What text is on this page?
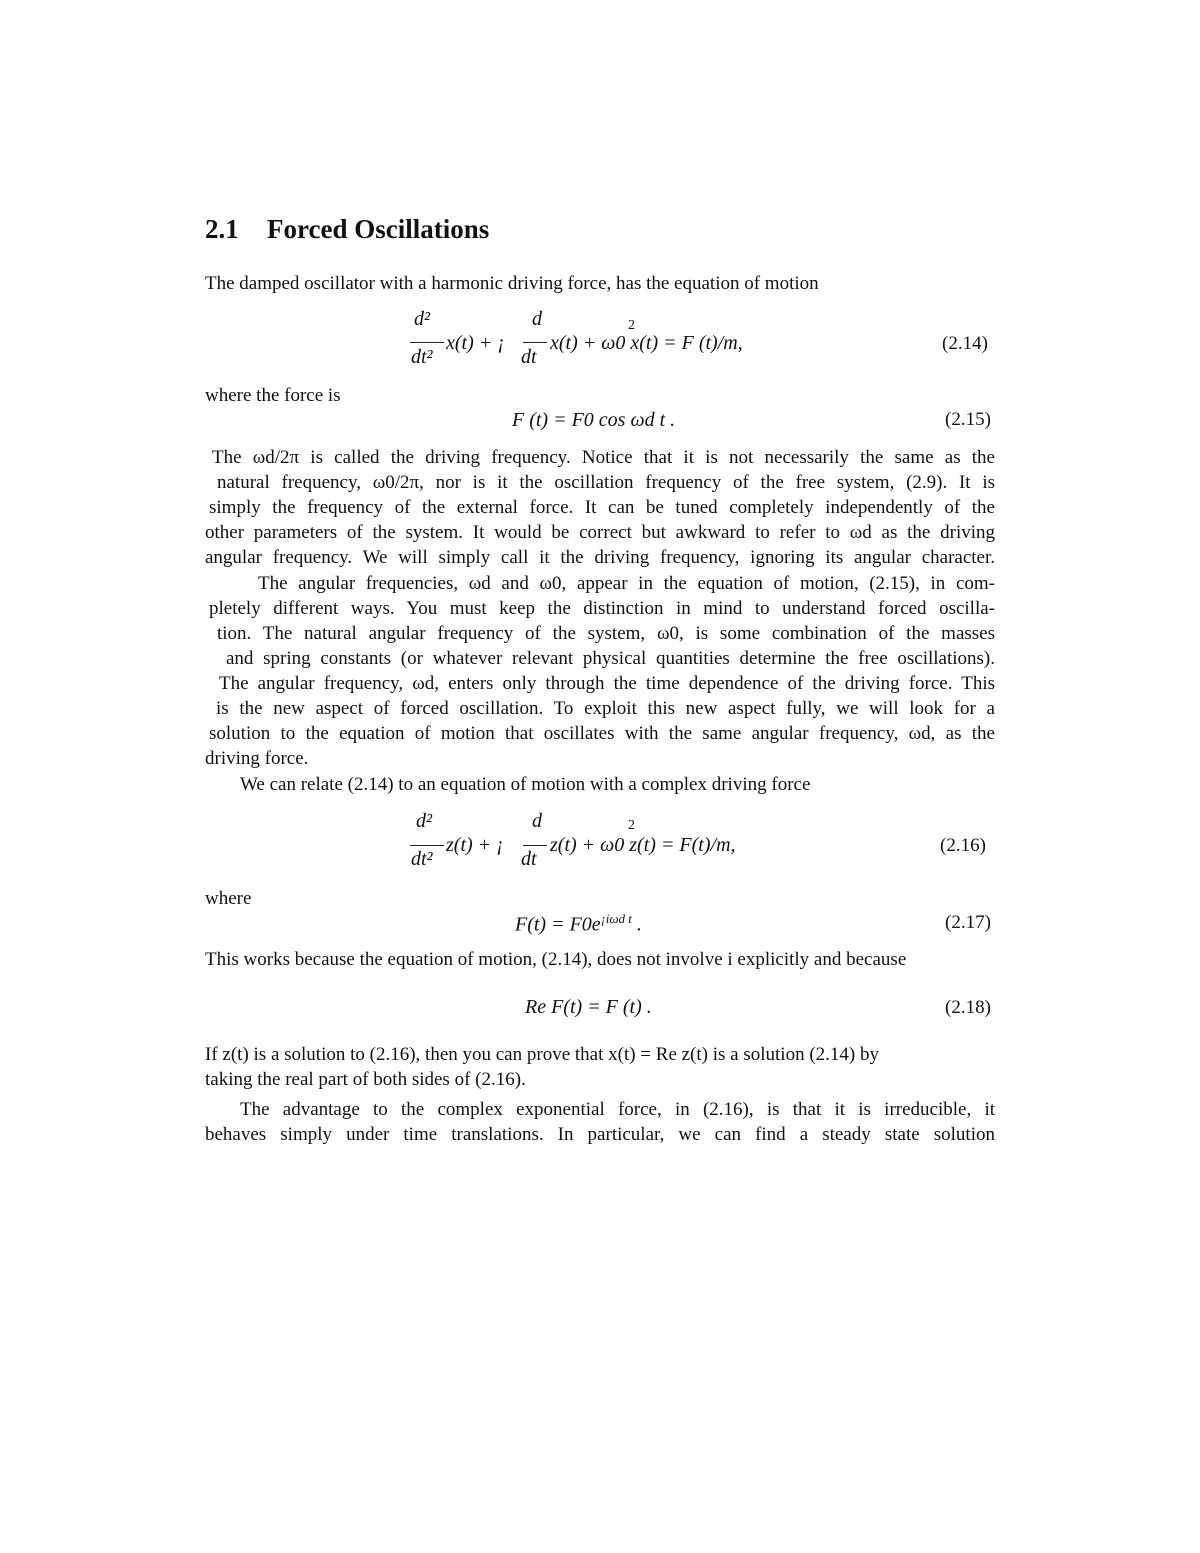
2.1 Forced Oscillations
The damped oscillator with a harmonic driving force, has the equation of motion
d²	d	2
dt²	dt
x(t) + ¡ x(t) + ω0 x(t) = F (t)/m,	(2.14)
where the force is
F (t) = F0 cos ωd t .	(2.15)
The ωd/2π is called the driving frequency. Notice that it is not necessarily the same as the
natural frequency, ω0/2π, nor is it the oscillation frequency of the free system, (2.9). It is
simply the frequency of the external force. It can be tuned completely independently of the
other parameters of the system. It would be correct but awkward to refer to ωd as the driving
angular frequency. We will simply call it the driving frequency, ignoring its angular character.
The angular frequencies, ωd and ω0, appear in the equation of motion, (2.15), in com-
pletely different ways. You must keep the distinction in mind to understand forced oscilla-
tion. The natural angular frequency of the system, ω0, is some combination of the masses
and spring constants (or whatever relevant physical quantities determine the free oscillations).
The angular frequency, ωd, enters only through the time dependence of the driving force. This
is the new aspect of forced oscillation. To exploit this new aspect fully, we will look for a
solution to the equation of motion that oscillates with the same angular frequency, ωd, as the
driving force.
We can relate (2.14) to an equation of motion with a complex driving force
d²	d	2
dt²	dt
z(t) + ¡ z(t) + ω0 z(t) = F(t)/m,	(2.16)
where
$F(t) = F0e^{¡i\omega d t}$ .	(2.17)
This works because the equation of motion, (2.14), does not involve i explicitly and because
Re F(t) = F (t) .	(2.18)
If z(t) is a solution to (2.16), then you can prove that x(t) = Re z(t) is a solution (2.14) by
taking the real part of both sides of (2.16).
The advantage to the complex exponential force, in (2.16), is that it is irreducible, it
behaves simply under time translations. In particular, we can find a steady state solution
